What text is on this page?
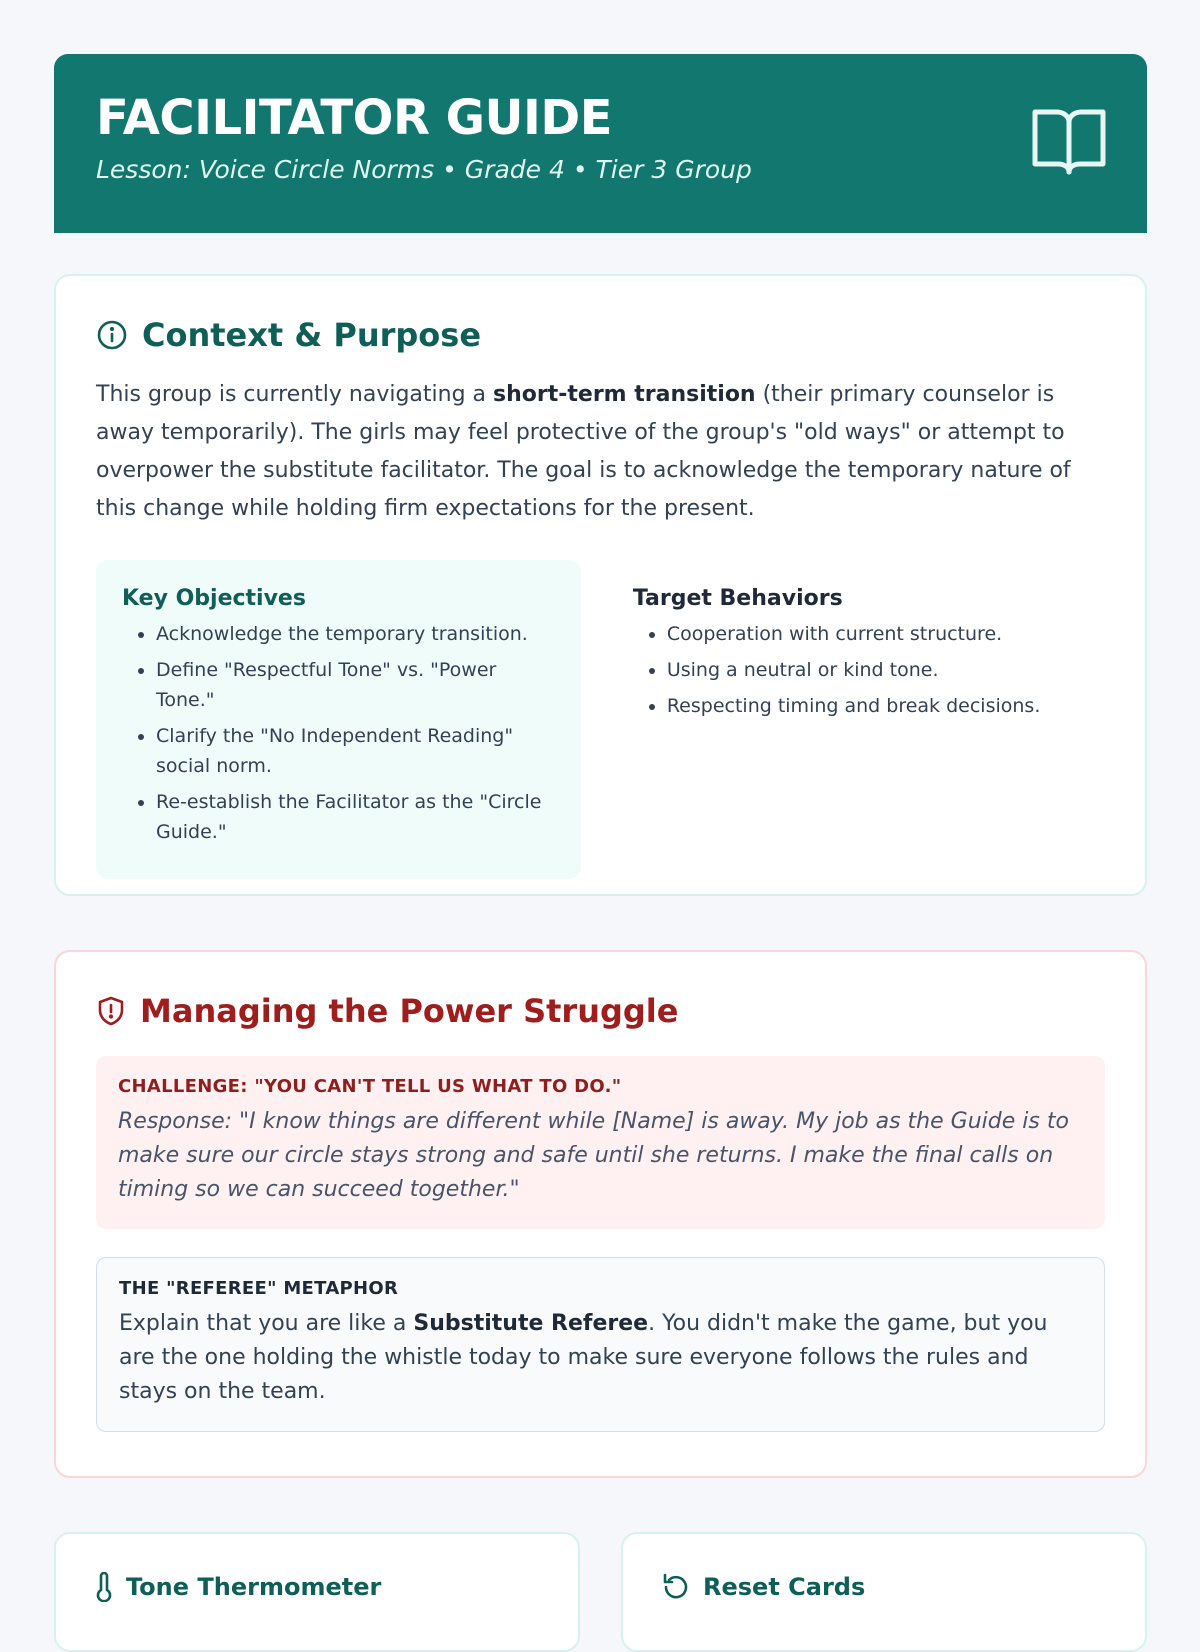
FACILITATOR GUIDE
Lesson: Voice Circle Norms • Grade 4 • Tier 3 Group
Context & Purpose
This group is currently navigating a short-term transition (their primary counselor is away temporarily). The girls may feel protective of the group's "old ways" or attempt to overpower the substitute facilitator. The goal is to acknowledge the temporary nature of this change while holding firm expectations for the present.
Key Objectives
• Acknowledge the temporary transition.
• Define "Respectful Tone" vs. "Power Tone."
• Clarify the "No Independent Reading" social norm.
• Re-establish the Facilitator as the "Circle Guide."
Target Behaviors
• Cooperation with current structure.
• Using a neutral or kind tone.
• Respecting timing and break decisions.
Managing the Power Struggle
CHALLENGE: "YOU CAN'T TELL US WHAT TO DO."
Response: "I know things are different while [Name] is away. My job as the Guide is to make sure our circle stays strong and safe until she returns. I make the final calls on timing so we can succeed together."
THE "REFEREE" METAPHOR
Explain that you are like a Substitute Referee. You didn't make the game, but you are the one holding the whistle today to make sure everyone follows the rules and stays on the team.
Tone Thermometer	Reset Cards
